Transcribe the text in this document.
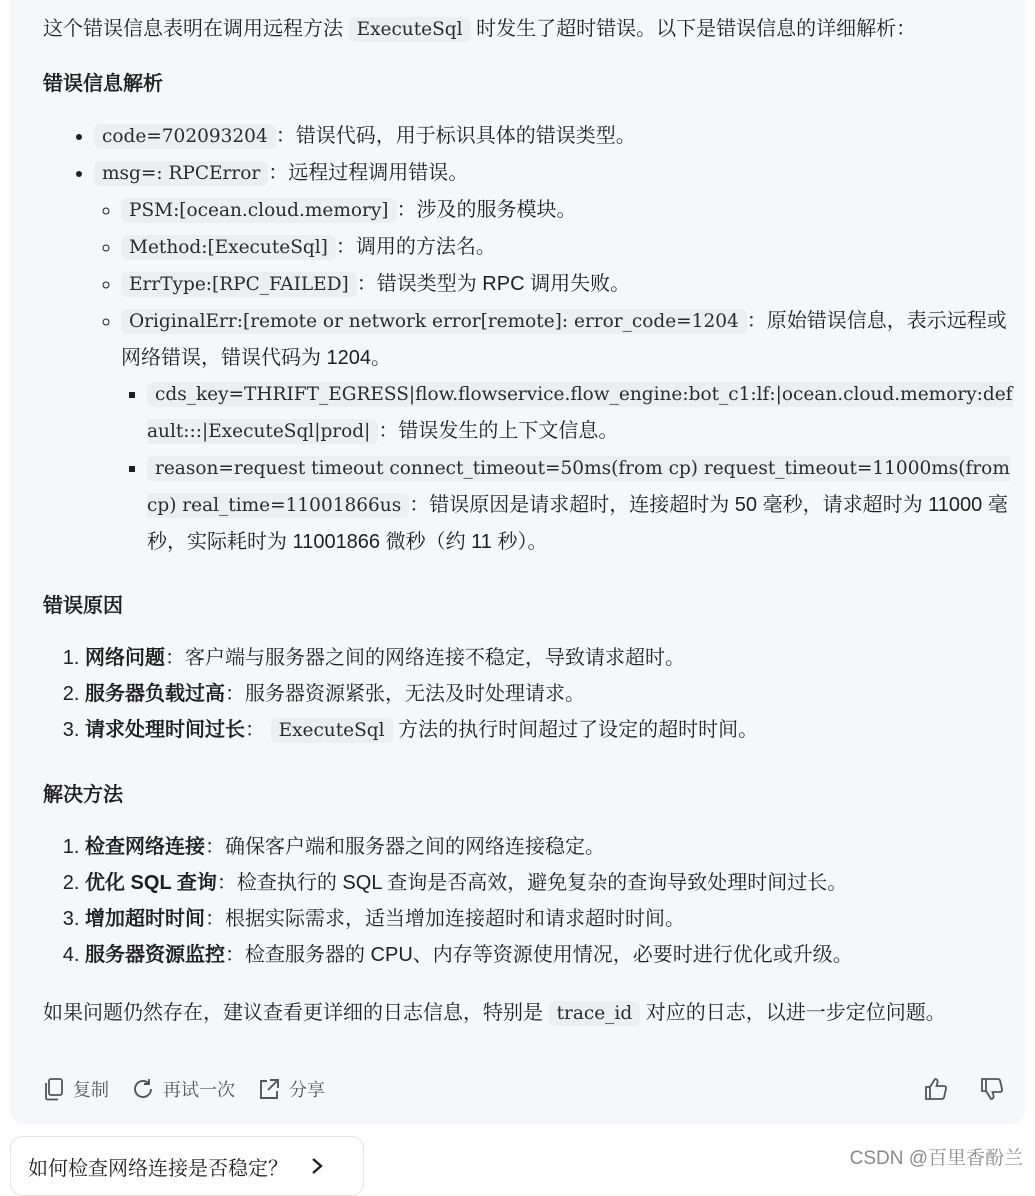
这个错误信息表明在调用远程方法 ExecuteSql 时发生了超时错误。以下是错误信息的详细解析：

错误信息解析
• code=702093204 ：错误代码，用于标识具体的错误类型。
• msg=: RPCError ：远程过程调用错误。
◦ PSM:[ocean.cloud.memory] ：涉及的服务模块。
◦ Method:[ExecuteSql] ：调用的方法名。
◦ ErrType:[RPC_FAILED] ：错误类型为 RPC 调用失败。
◦ OriginalErr:[remote or network error[remote]: error_code=1204 ：原始错误信息，表示远程或网络错误，错误代码为 1204。
▪ cds_key=THRIFT_EGRESS|flow.flowservice.flow_engine:bot_c1:lf:|ocean.cloud.memory:default:::|ExecuteSql|prod| ：错误发生的上下文信息。
▪ reason=request timeout connect_timeout=50ms(from cp) request_timeout=11000ms(from cp) real_time=11001866us ：错误原因是请求超时，连接超时为 50 毫秒，请求超时为 11000 毫秒，实际耗时为 11001866 微秒（约 11 秒）。
错误原因
1. 网络问题：客户端与服务器之间的网络连接不稳定，导致请求超时。
2. 服务器负载过高：服务器资源紧张，无法及时处理请求。
3. 请求处理时间过长： ExecuteSql 方法的执行时间超过了设定的超时时间。
解决方法
1. 检查网络连接：确保客户端和服务器之间的网络连接稳定。
2. 优化 SQL 查询：检查执行的 SQL 查询是否高效，避免复杂的查询导致处理时间过长。
3. 增加超时时间：根据实际需求，适当增加连接超时和请求超时时间。
4. 服务器资源监控：检查服务器的 CPU、内存等资源使用情况，必要时进行优化或升级。

如果问题仍然存在，建议查看更详细的日志信息，特别是 trace_id 对应的日志，以进一步定位问题。

复制	再试一次	分享
如何检查网络连接是否稳定？	CSDN @百里香酚兰
